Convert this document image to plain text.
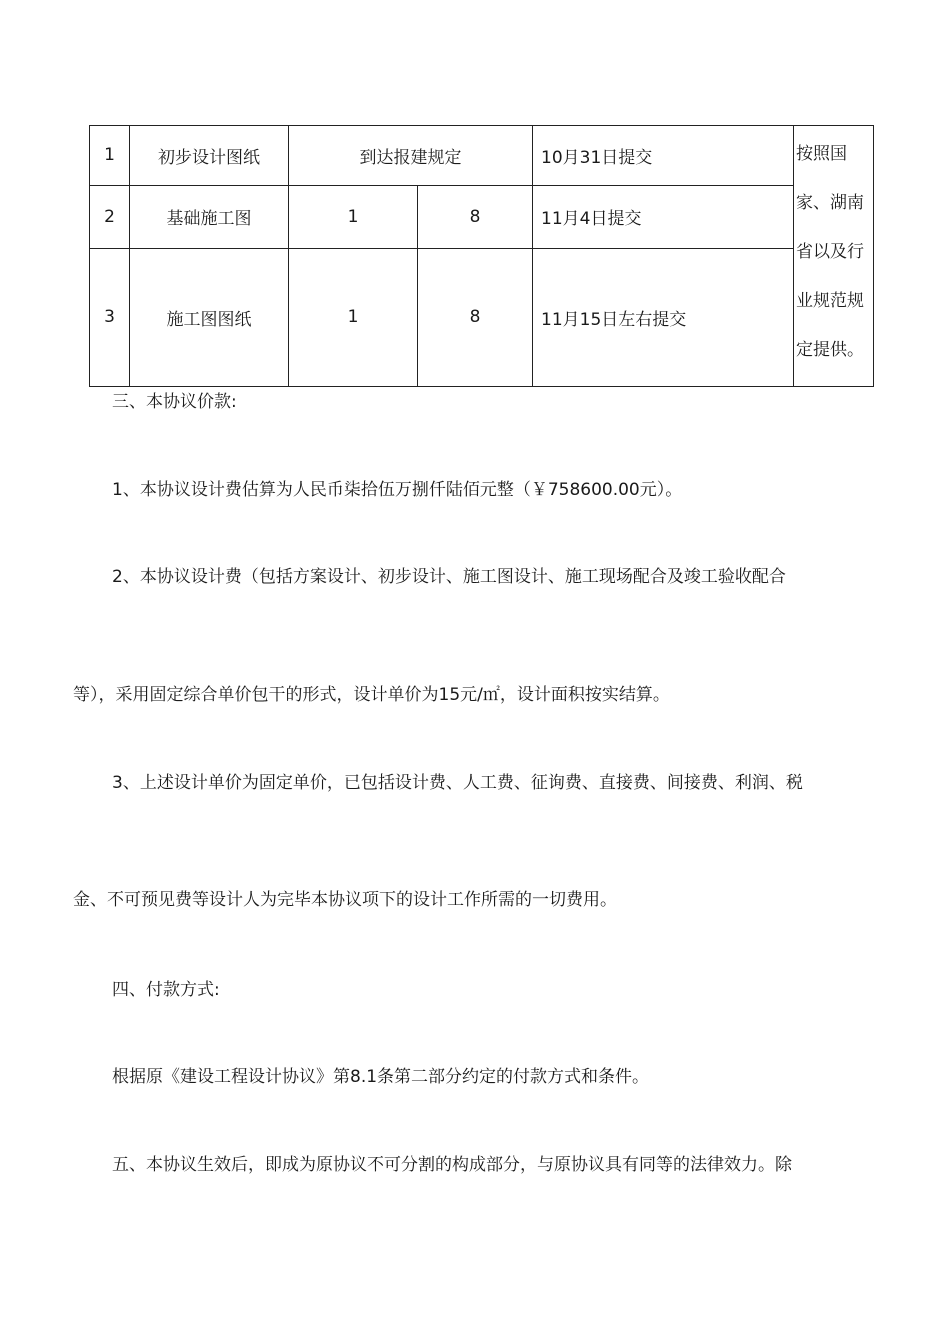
1	初步设计图纸	到达报建规定		10月31日提交	按照国
家、湖南
省以及行
业规范规
定提供。

2	基础施工图	1	8	11月4日提交	
3	施工图图纸	1	8	11月15日左右提交	

三、本协议价款:

1、本协议设计费估算为人民币柒拾伍万捌仟陆佰元整（￥758600.00元）。

2、本协议设计费（包括方案设计、初步设计、施工图设计、施工现场配合及竣工验收配合

等），采用固定综合单价包干的形式，设计单价为15元/㎡，设计面积按实结算。

3、上述设计单价为固定单价，已包括设计费、人工费、征询费、直接费、间接费、利润、税

金、不可预见费等设计人为完毕本协议项下的设计工作所需的一切费用。

四、付款方式:

根据原《建设工程设计协议》第8.1条第二部分约定的付款方式和条件。

五、本协议生效后，即成为原协议不可分割的构成部分，与原协议具有同等的法律效力。除
